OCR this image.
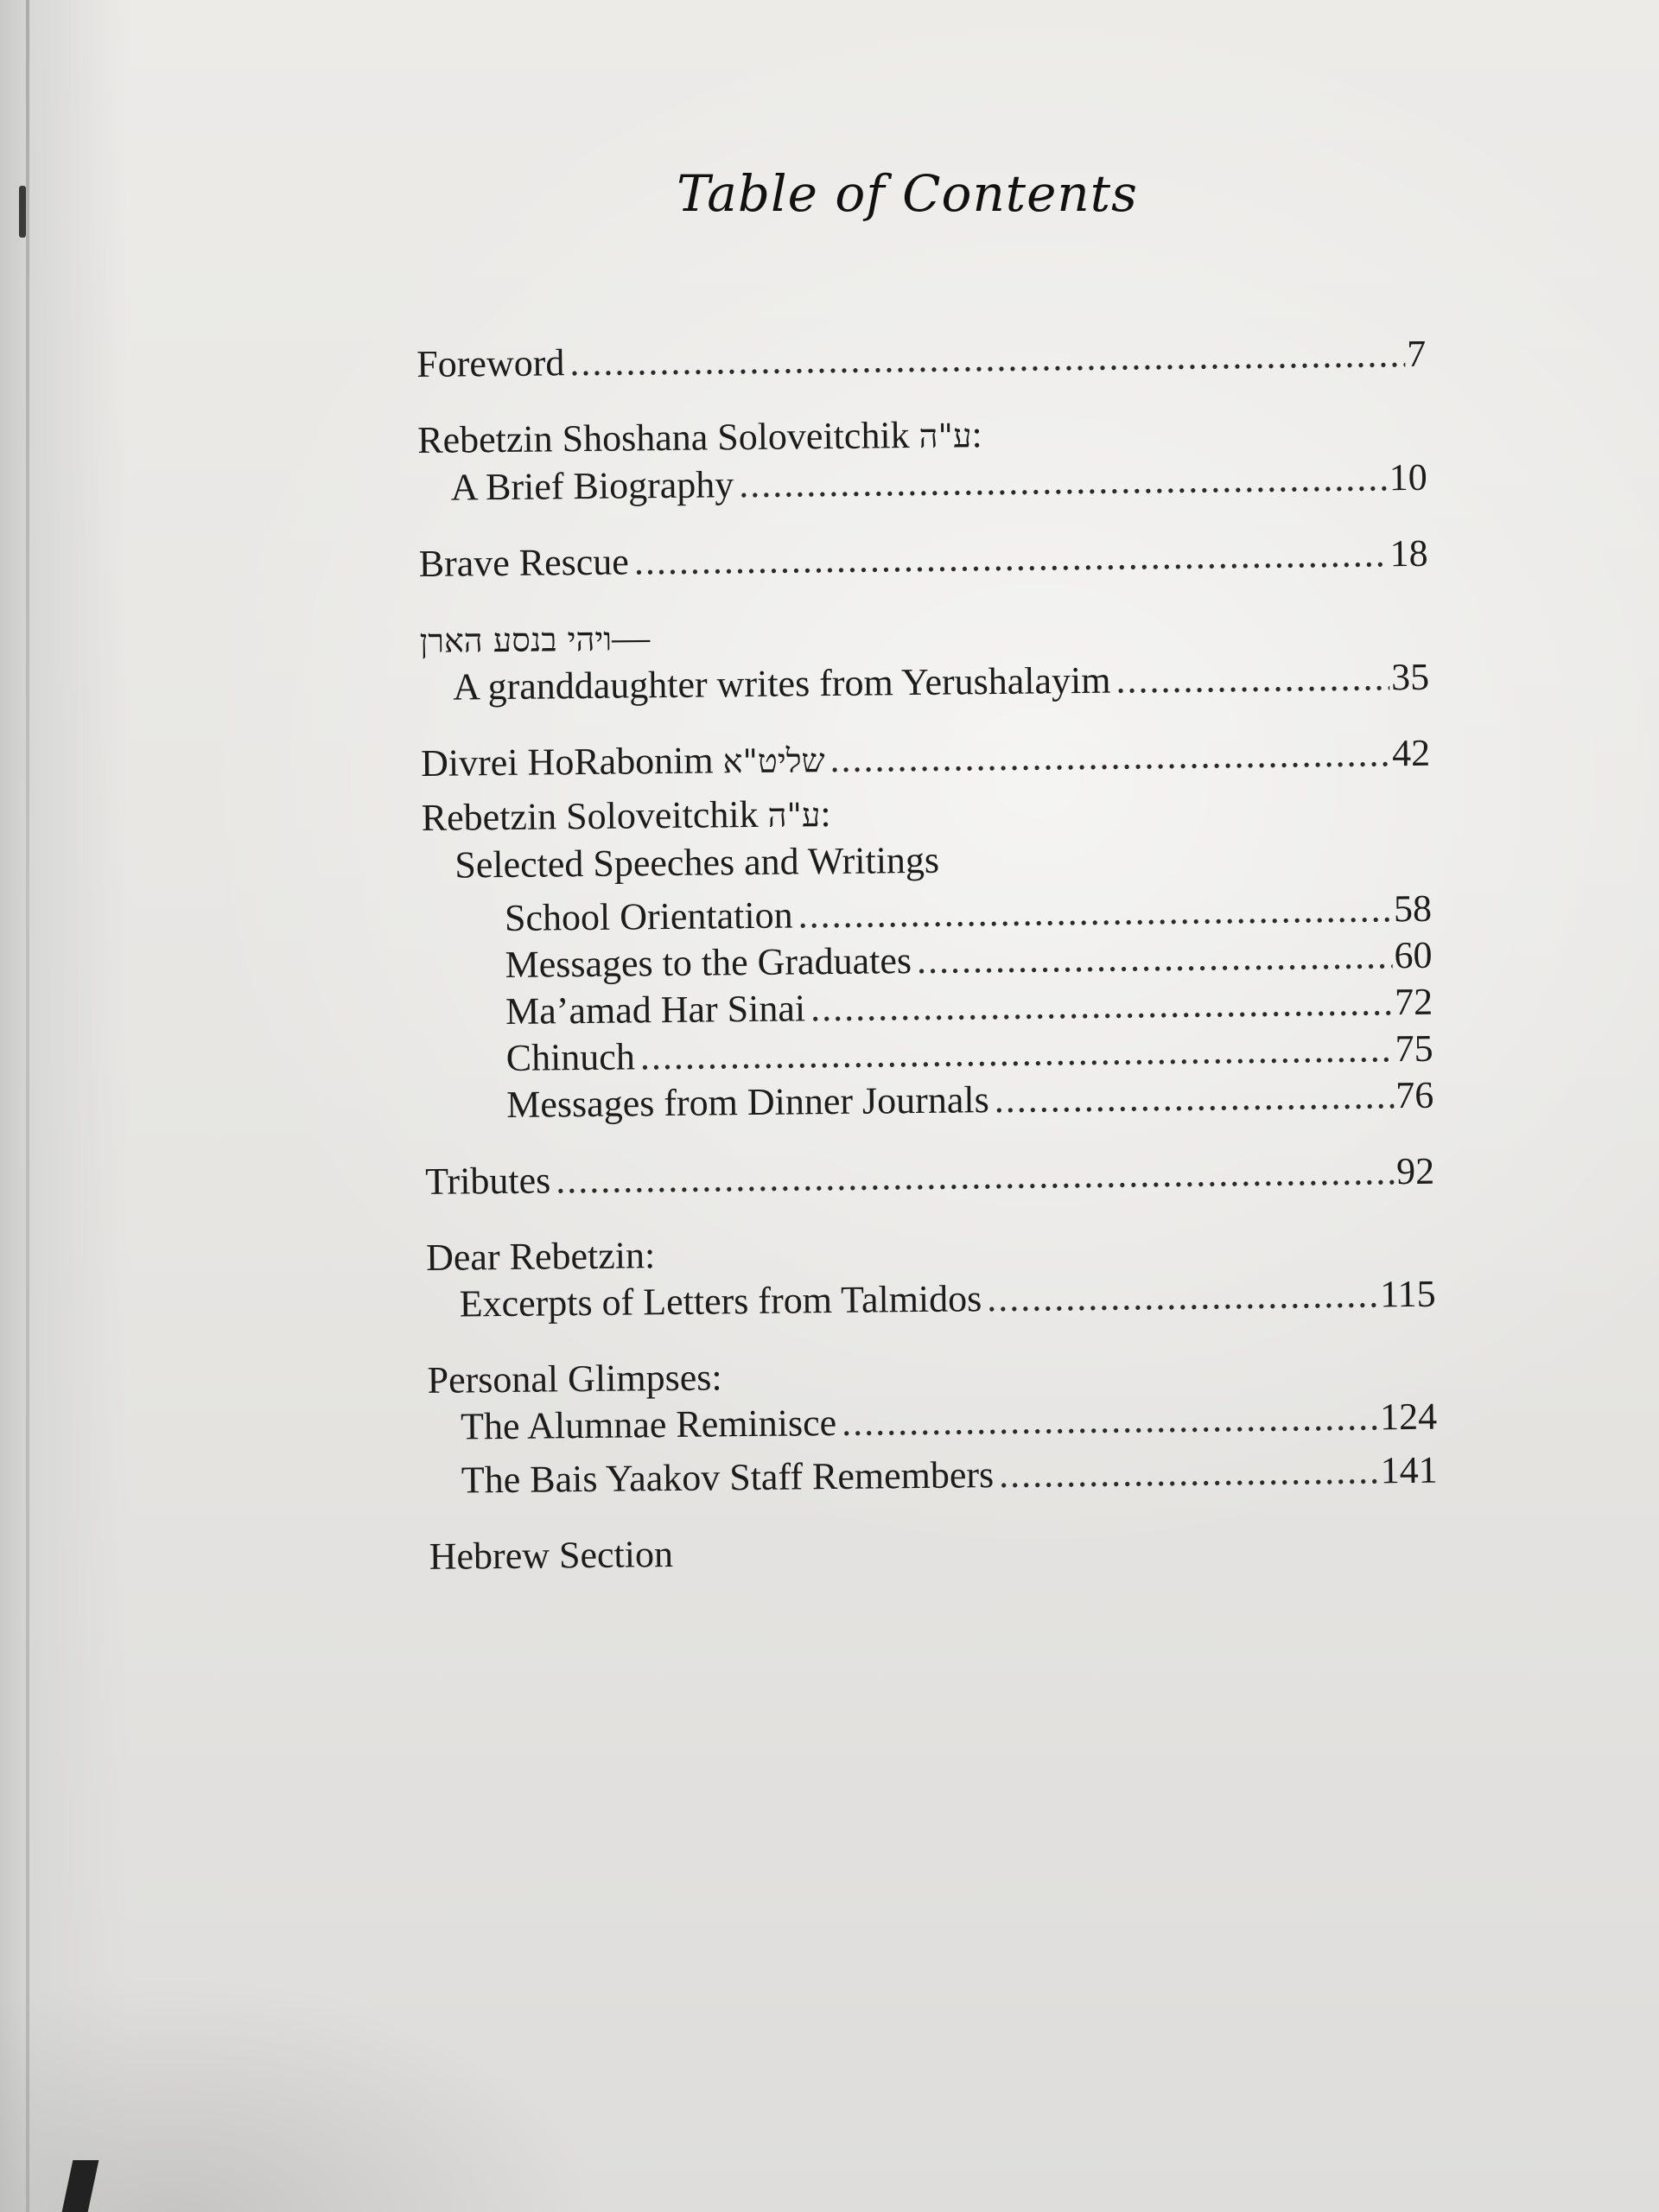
Table of Contents
Foreword .....	7
Rebetzin Shoshana Soloveitchik ע"ה:
A Brief Biography .....	10
Brave Rescue .....	18
ויהי בנסע הארן—
A granddaughter writes from Yerushalayim .....	35
Divrei HoRabonim שליט"א .....	42
Rebetzin Soloveitchik ע"ה:
Selected Speeches and Writings
School Orientation .....	58
Messages to the Graduates .....	60
Ma’amad Har Sinai .....	72
Chinuch .....	75
Messages from Dinner Journals .....	76
Tributes .....	92
Dear Rebetzin:
Excerpts of Letters from Talmidos .....	115
Personal Glimpses:
The Alumnae Reminisce .....	124
The Bais Yaakov Staff Remembers .....	141
Hebrew Section
